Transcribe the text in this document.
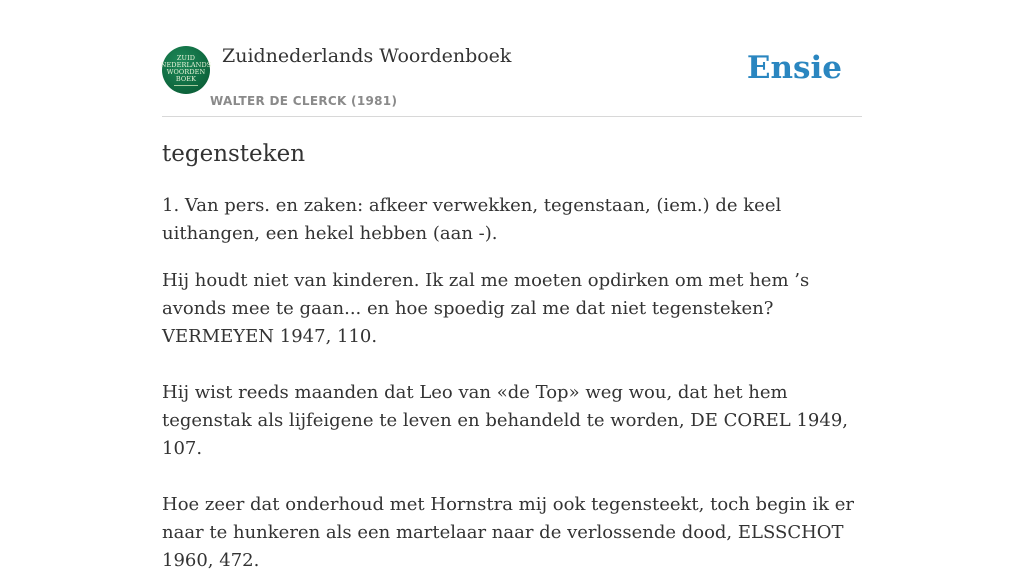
ZUID
NEDERLANDS
WOORDEN
BOEK
Zuidnederlands Woordenboek
WALTER DE CLERCK (1981)
Ensie
tegensteken

1. Van pers. en zaken: afkeer verwekken, tegenstaan, (iem.) de keel uithangen, een hekel hebben (aan -).

Hij houdt niet van kinderen. Ik zal me moeten opdirken om met hem ’s avonds mee te gaan... en hoe spoedig zal me dat niet tegensteken? VERMEYEN 1947, 110.

Hij wist reeds maanden dat Leo van «de Top» weg wou, dat het hem tegenstak als lijfeigene te leven en behandeld te worden, DE COREL 1949, 107.

Hoe zeer dat onderhoud met Hornstra mij ook tegensteekt, toch begin ik er naar te hunkeren als een martelaar naar de verlossende dood, ELSSCHOT 1960, 472.
